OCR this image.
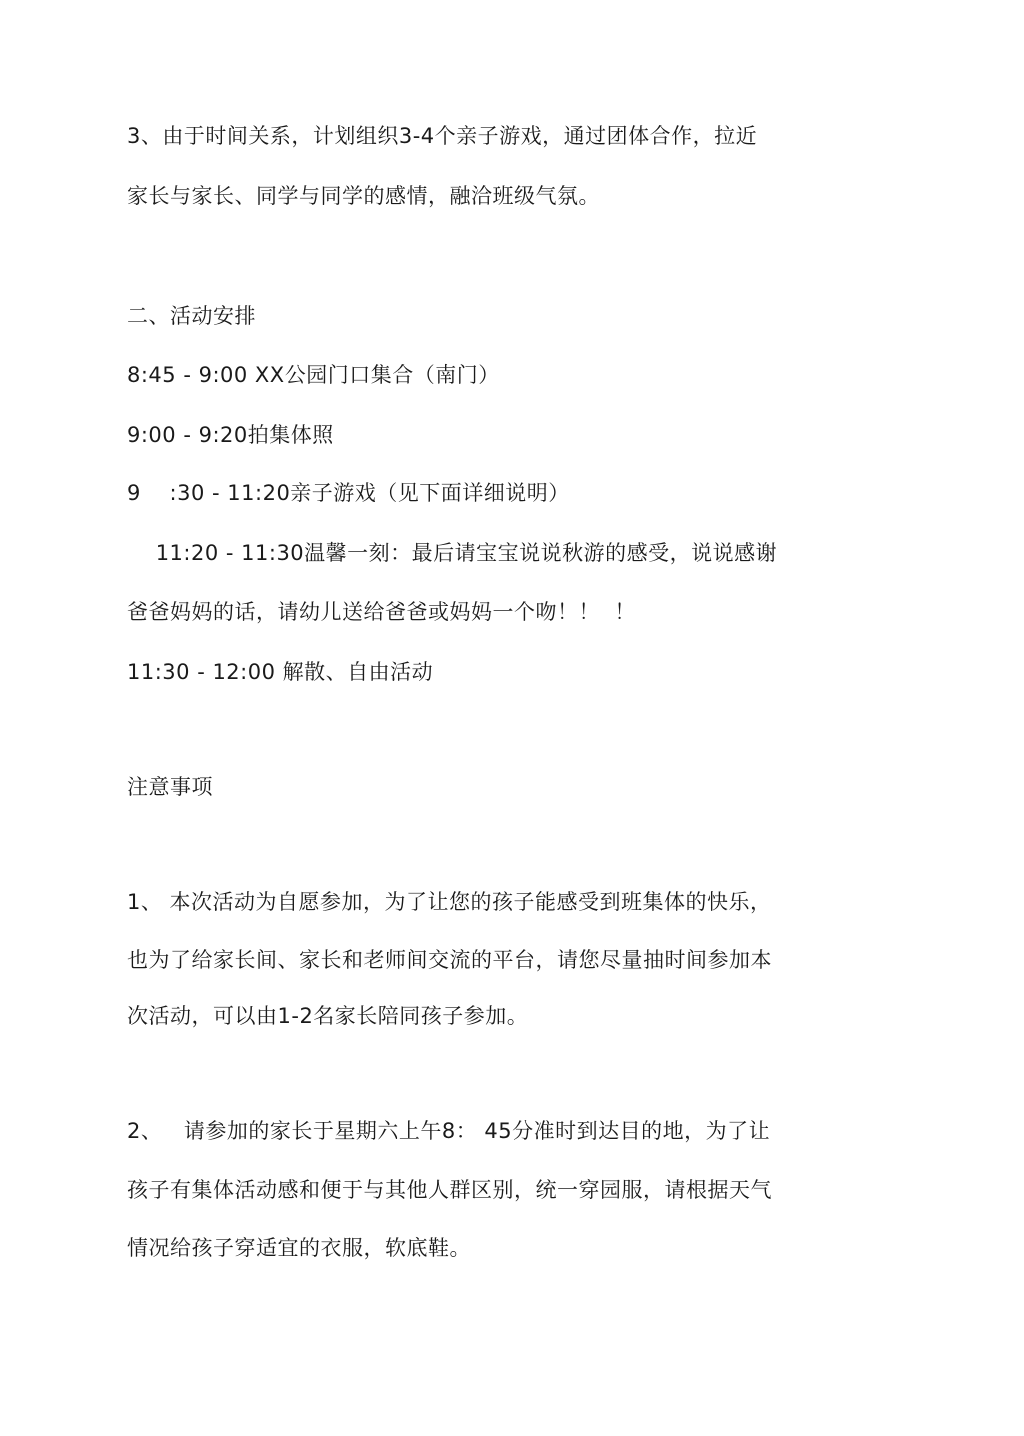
3、由于时间关系，计划组织3-4个亲子游戏，通过团体合作，拉近
家长与家长、同学与同学的感情，融洽班级气氛。
二、活动安排
8:45 - 9:00 XX公园门口集合（南门）
9:00 - 9:20拍集体照
9    :30 - 11:20亲子游戏（见下面详细说明）
11:20 - 11:30温馨一刻：最后请宝宝说说秋游的感受，说说感谢
爸爸妈妈的话，请幼儿送给爸爸或妈妈一个吻！！  ！
11:30 - 12:00 解散、自由活动
注意事项
1、 本次活动为自愿参加，为了让您的孩子能感受到班集体的快乐，
也为了给家长间、家长和老师间交流的平台，请您尽量抽时间参加本
次活动，可以由1-2名家长陪同孩子参加。
2、   请参加的家长于星期六上午8： 45分准时到达目的地，为了让
孩子有集体活动感和便于与其他人群区别，统一穿园服，请根据天气
情况给孩子穿适宜的衣服，软底鞋。
